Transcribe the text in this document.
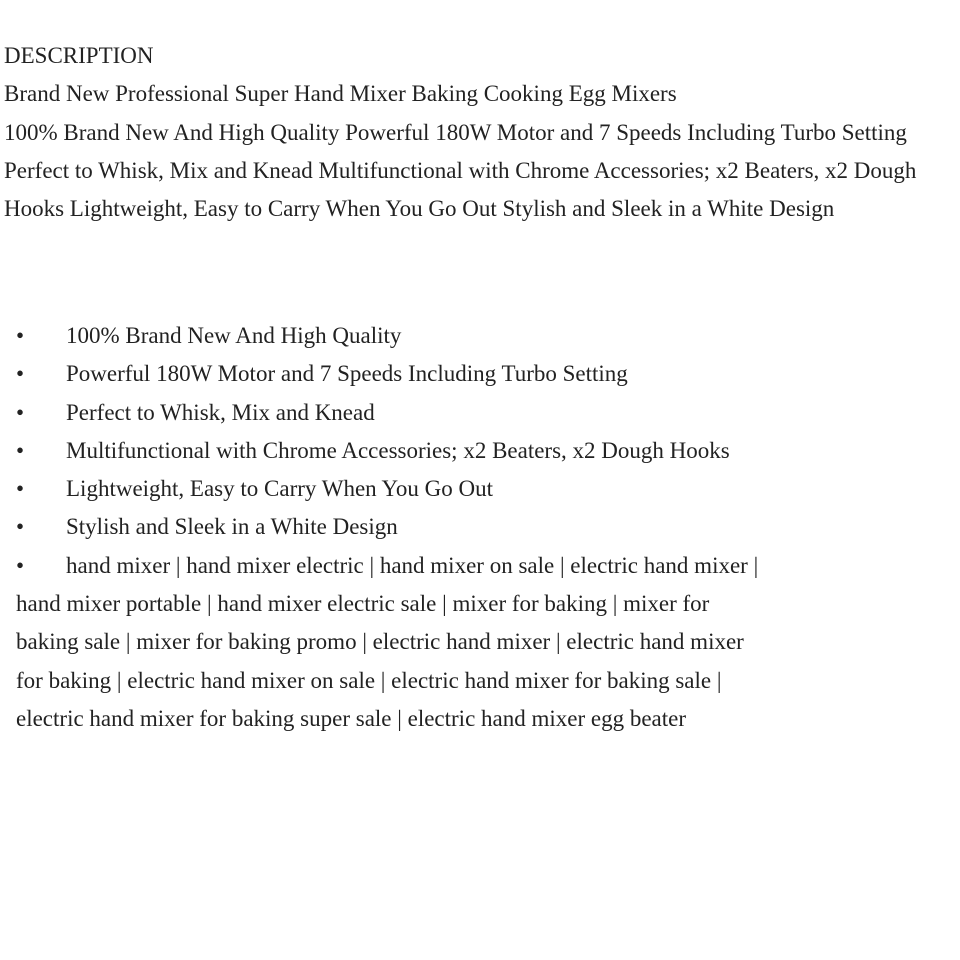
DESCRIPTION
Brand New Professional Super Hand Mixer Baking Cooking Egg Mixers
100% Brand New And High Quality Powerful 180W Motor and 7 Speeds Including Turbo Setting Perfect to Whisk, Mix and Knead Multifunctional with Chrome Accessories; x2 Beaters, x2 Dough Hooks Lightweight, Easy to Carry When You Go Out Stylish and Sleek in a White Design
•	100% Brand New And High Quality
•	Powerful 180W Motor and 7 Speeds Including Turbo Setting
•	Perfect to Whisk, Mix and Knead
•	Multifunctional with Chrome Accessories; x2 Beaters, x2 Dough Hooks
•	Lightweight, Easy to Carry When You Go Out
•	Stylish and Sleek in a White Design
•	hand mixer | hand mixer electric | hand mixer on sale | electric hand mixer |
hand mixer portable | hand mixer electric sale | mixer for baking | mixer for
baking sale | mixer for baking promo | electric hand mixer | electric hand mixer
for baking | electric hand mixer on sale | electric hand mixer for baking sale |
electric hand mixer for baking super sale | electric hand mixer egg beater
